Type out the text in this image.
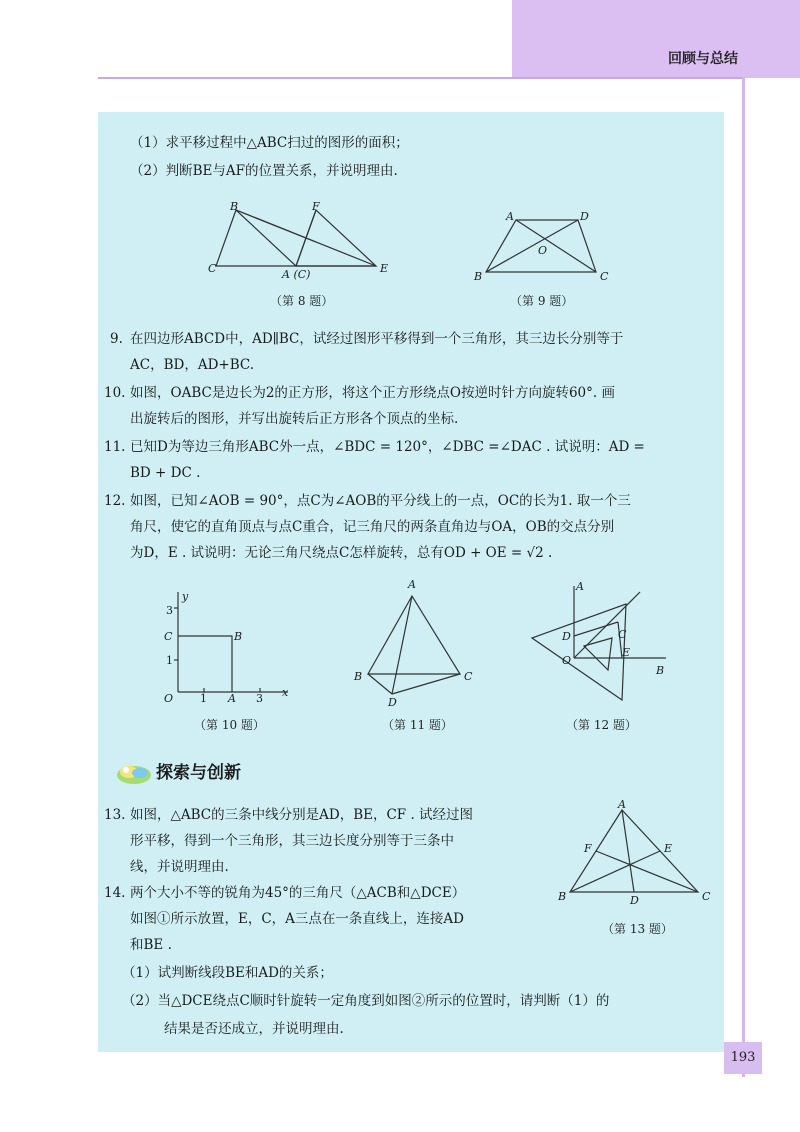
回顾与总结
（1）求平移过程中△ABC扫过的图形的面积；
（2）判断BE与AF的位置关系，并说明理由.
B	F
C	A (C)	E
（第 8 题）
A	D
O
B	C
（第 9 题）
9. 在四边形ABCD中，AD∥BC，试经过图形平移得到一个三角形，其三边长分别等于
AC，BD，AD+BC.
10. 如图，OABC是边长为2的正方形，将这个正方形绕点O按逆时针方向旋转60°. 画
出旋转后的图形，并写出旋转后正方形各个顶点的坐标.
11. 已知D为等边三角形ABC外一点，∠BDC = 120°，∠DBC =∠DAC . 试说明：AD =
BD + DC .
12. 如图，已知∠AOB = 90°，点C为∠AOB的平分线上的一点，OC的长为1. 取一个三
角尺，使它的直角顶点与点C重合，记三角尺的两条直角边与OA，OB的交点分别
为D，E . 试说明：无论三角尺绕点C怎样旋转，总有OD + OE = √2 .
y
x
3
C	B
1
O 1 A 3
（第 10 题）
A
B	C
D
（第 11 题）
A
D	C
O
E
B
（第 12 题）
探索与创新
13. 如图，△ABC的三条中线分别是AD，BE，CF . 试经过图
形平移，得到一个三角形，其三边长度分别等于三条中
线，并说明理由.
14. 两个大小不等的锐角为45°的三角尺（△ACB和△DCE）
如图①所示放置，E，C，A三点在一条直线上，连接AD
和BE .
（1）试判断线段BE和AD的关系；
（2）当△DCE绕点C顺时针旋转一定角度到如图②所示的位置时，请判断（1）的
结果是否还成立，并说明理由.
A
F	E
B	D	C
（第 13 题）
193
